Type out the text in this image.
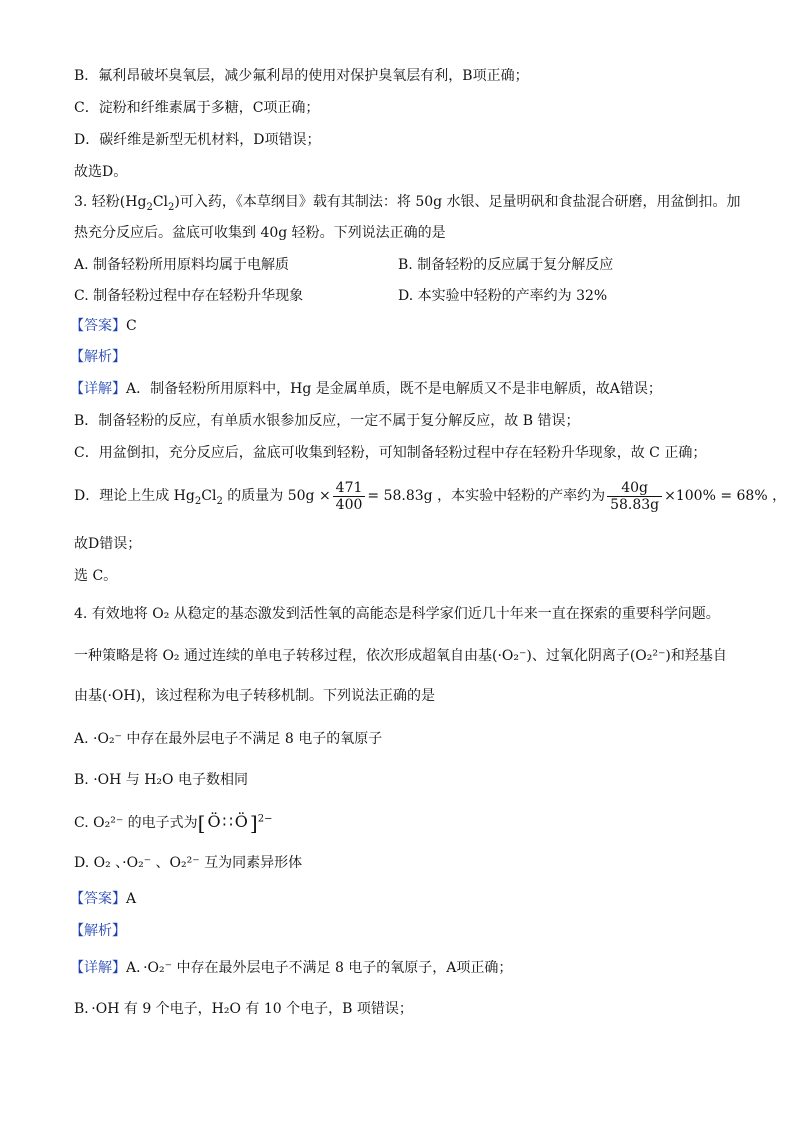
B．氟利昂破坏臭氧层，减少氟利昂的使用对保护臭氧层有利，B项正确；
C．淀粉和纤维素属于多糖，C项正确；
D．碳纤维是新型无机材料，D项错误；
故选D。
3. 轻粉$(Hg_2Cl_2)$可入药，《本草纲目》载有其制法：将 50g 水银、足量明矾和食盐混合研磨，用盆倒扣。加
热充分反应后。盆底可收集到 40g 轻粉。下列说法正确的是
A. 制备轻粉所用原料均属于电解质	B. 制备轻粉的反应属于复分解反应
C. 制备轻粉过程中存在轻粉升华现象	D. 本实验中轻粉的产率约为 32%
【答案】C
【解析】
【详解】A．制备轻粉所用原料中，Hg 是金属单质，既不是电解质又不是非电解质，故A错误；
B．制备轻粉的反应，有单质水银参加反应，一定不属于复分解反应，故 B 错误；
C．用盆倒扣，充分反应后，盆底可收集到轻粉，可知制备轻粉过程中存在轻粉升华现象，故 C 正确；
D．理论上生成 $Hg_2Cl_2$ 的质量为 $50g \times \frac{471}{400} = 58.83g$ ，本实验中轻粉的产率约为 $\frac{40g}{58.83g} \times 100\% = 68\%$ ，
故D错误；
选 C。
4. 有效地将 O₂ 从稳定的基态激发到活性氧的高能态是科学家们近几十年来一直在探索的重要科学问题。
一种策略是将 O₂ 通过连续的单电子转移过程，依次形成超氧自由基(·O₂⁻)、过氧化阴离子(O₂²⁻)和羟基自
由基(·OH)，该过程称为电子转移机制。下列说法正确的是
A. ·O₂⁻ 中存在最外层电子不满足 8 电子的氧原子
B. ·OH 与 H₂O 电子数相同
C. O₂²⁻ 的电子式为[ Ö ∷ Ö ]$^{2-}$
D. O₂ 、·O₂⁻ 、O₂²⁻ 互为同素异形体
【答案】A
【解析】
【详解】A．·O₂⁻ 中存在最外层电子不满足 8 电子的氧原子，A项正确；
B．·OH 有 9 个电子，H₂O 有 10 个电子，B 项错误；
